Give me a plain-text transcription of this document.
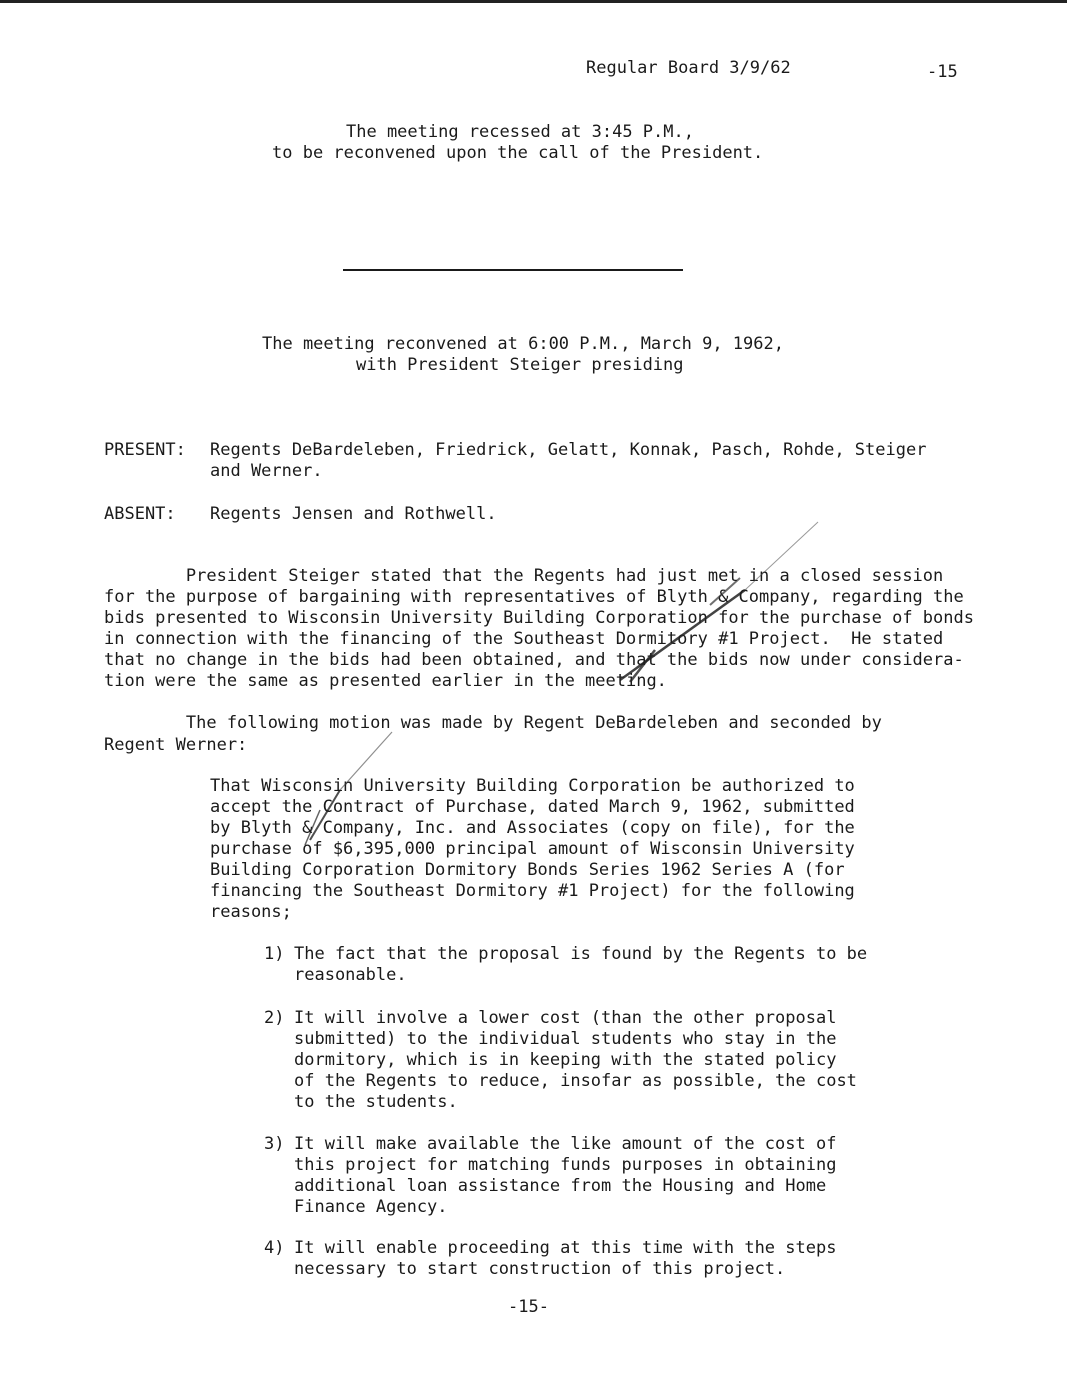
Regular Board 3/9/62	-15
The meeting recessed at 3:45 P.M.,
to be reconvened upon the call of the President.
The meeting reconvened at 6:00 P.M., March 9, 1962,
with President Steiger presiding
PRESENT: Regents DeBardeleben, Friedrick, Gelatt, Konnak, Pasch, Rohde, Steiger
and Werner.
ABSENT: Regents Jensen and Rothwell.
President Steiger stated that the Regents had just met in a closed session
for the purpose of bargaining with representatives of Blyth & Company, regarding the
bids presented to Wisconsin University Building Corporation for the purchase of bonds
in connection with the financing of the Southeast Dormitory #1 Project.  He stated
that no change in the bids had been obtained, and that the bids now under considera-
tion were the same as presented earlier in the meeting.
The following motion was made by Regent DeBardeleben and seconded by
Regent Werner:
That Wisconsin University Building Corporation be authorized to
accept the Contract of Purchase, dated March 9, 1962, submitted
by Blyth & Company, Inc. and Associates (copy on file), for the
purchase of $6,395,000 principal amount of Wisconsin University
Building Corporation Dormitory Bonds Series 1962 Series A (for
financing the Southeast Dormitory #1 Project) for the following
reasons;
1) The fact that the proposal is found by the Regents to be
reasonable.
2) It will involve a lower cost (than the other proposal
submitted) to the individual students who stay in the
dormitory, which is in keeping with the stated policy
of the Regents to reduce, insofar as possible, the cost
to the students.
3) It will make available the like amount of the cost of
this project for matching funds purposes in obtaining
additional loan assistance from the Housing and Home
Finance Agency.
4) It will enable proceeding at this time with the steps
necessary to start construction of this project.
-15-
